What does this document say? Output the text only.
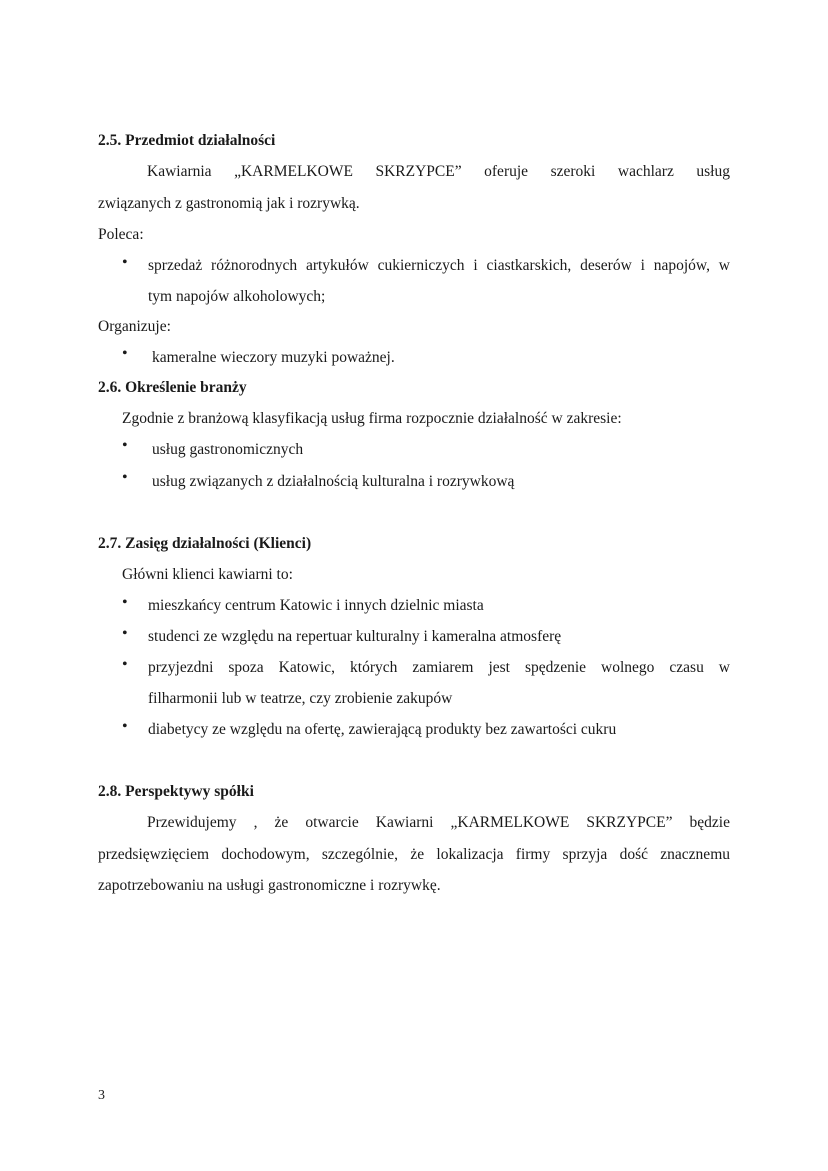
2.5. Przedmiot działalności
Kawiarnia „KARMELKOWE SKRZYPCE” oferuje szeroki wachlarz usług
związanych z gastronomią jak i rozrywką.
Poleca:
• sprzedaż różnorodnych artykułów cukierniczych i ciastkarskich, deserów i napojów, w
tym napojów alkoholowych;
Organizuje:
• kameralne wieczory muzyki poważnej.
2.6. Określenie branży
Zgodnie z branżową klasyfikacją usług firma rozpocznie działalność w zakresie:
• usług gastronomicznych
• usług związanych z działalnością kulturalna i rozrywkową
2.7. Zasięg działalności (Klienci)
Główni klienci kawiarni to:
• mieszkańcy centrum Katowic i innych dzielnic miasta
• studenci ze względu na repertuar kulturalny i kameralna atmosferę
• przyjezdni spoza Katowic, których zamiarem jest spędzenie wolnego czasu w
filharmonii lub w teatrze, czy zrobienie zakupów
• diabetycy ze względu na ofertę, zawierającą produkty bez zawartości cukru
2.8. Perspektywy spółki
Przewidujemy , że otwarcie Kawiarni „KARMELKOWE SKRZYPCE” będzie
przedsięwzięciem dochodowym, szczególnie, że lokalizacja firmy sprzyja dość znacznemu
zapotrzebowaniu na usługi gastronomiczne i rozrywkę.
3
